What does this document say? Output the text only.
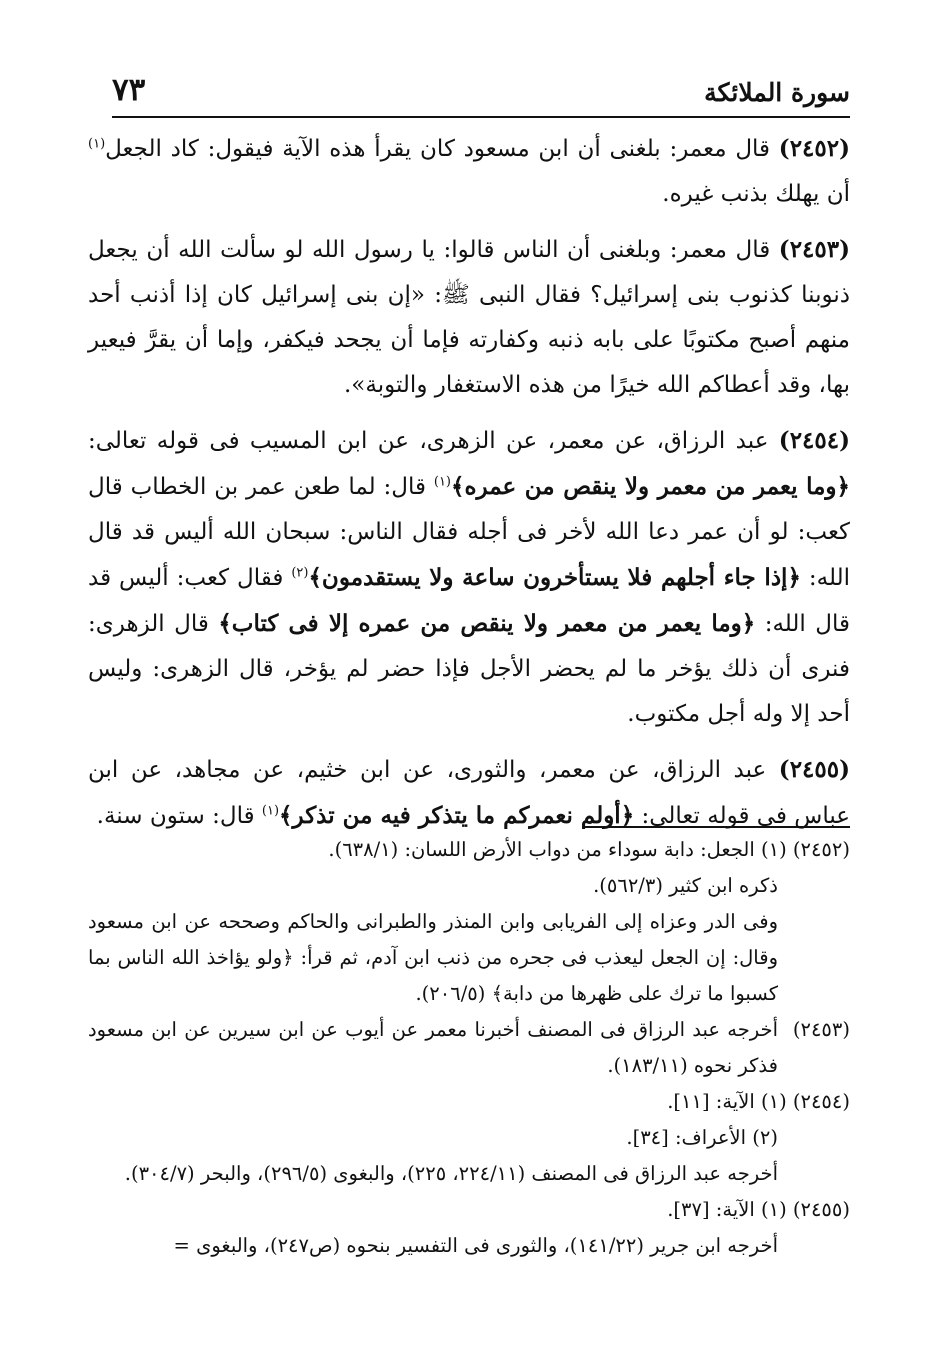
سورة الملائكة
٧٣

(٢٤٥٢) قال معمر: بلغنى أن ابن مسعود كان يقرأ هذه الآية فيقول: كاد الجعل$^{(١)}$ أن يهلك بذنب غيره.

(٢٤٥٣) قال معمر: وبلغنى أن الناس قالوا: يا رسول الله لو سألت الله أن يجعل ذنوبنا كذنوب بنى إسرائيل؟ فقال النبى ﷺ: «إن بنى إسرائيل كان إذا أذنب أحد منهم أصبح مكتوبًا على بابه ذنبه وكفارته فإما أن يجحد فيكفر، وإما أن يقرَّ فيعير بها، وقد أعطاكم الله خيرًا من هذه الاستغفار والتوبة».

(٢٤٥٤) عبد الرزاق، عن معمر، عن الزهرى، عن ابن المسيب فى قوله تعالى: ﴿وما يعمر من معمر ولا ينقص من عمره﴾$^{(١)}$ قال: لما طعن عمر بن الخطاب قال كعب: لو أن عمر دعا الله لأخر فى أجله فقال الناس: سبحان الله أليس قد قال الله: ﴿إذا جاء أجلهم فلا يستأخرون ساعة ولا يستقدمون﴾$^{(٢)}$ فقال كعب: أليس قد قال الله: ﴿وما يعمر من معمر ولا ينقص من عمره إلا فى كتاب﴾ قال الزهرى: فنرى أن ذلك يؤخر ما لم يحضر الأجل فإذا حضر لم يؤخر، قال الزهرى: وليس أحد إلا وله أجل مكتوب.

(٢٤٥٥) عبد الرزاق، عن معمر، والثورى، عن ابن خثيم، عن مجاهد، عن ابن عباس فى قوله تعالى: ﴿أولم نعمركم ما يتذكر فيه من تذكر﴾$^{(١)}$ قال: ستون سنة.

(٢٤٥٢) (١) الجعل: دابة سوداء من دواب الأرض اللسان: (٦٣٨/١).
ذكره ابن كثير (٥٦٢/٣).
وفى الدر وعزاه إلى الفريابى وابن المنذر والطبرانى والحاكم وصححه عن ابن مسعود وقال: إن الجعل ليعذب فى جحره من ذنب ابن آدم، ثم قرأ: ﴿ولو يؤاخذ الله الناس بما كسبوا ما ترك على ظهرها من دابة﴾ (٢٠٦/٥).
(٢٤٥٣)
أخرجه عبد الرزاق فى المصنف أخبرنا معمر عن أيوب عن ابن سيرين عن ابن مسعود فذكر نحوه (١٨٣/١١).
(٢٤٥٤) (١) الآية: [١١].
(٢) الأعراف: [٣٤].
أخرجه عبد الرزاق فى المصنف (٢٢٤/١١، ٢٢٥)، والبغوى (٢٩٦/٥)، والبحر (٣٠٤/٧).
(٢٤٥٥) (١) الآية: [٣٧].
أخرجه ابن جرير (١٤١/٢٢)، والثورى فى التفسير بنحوه (ص٢٤٧)، والبغوى =
